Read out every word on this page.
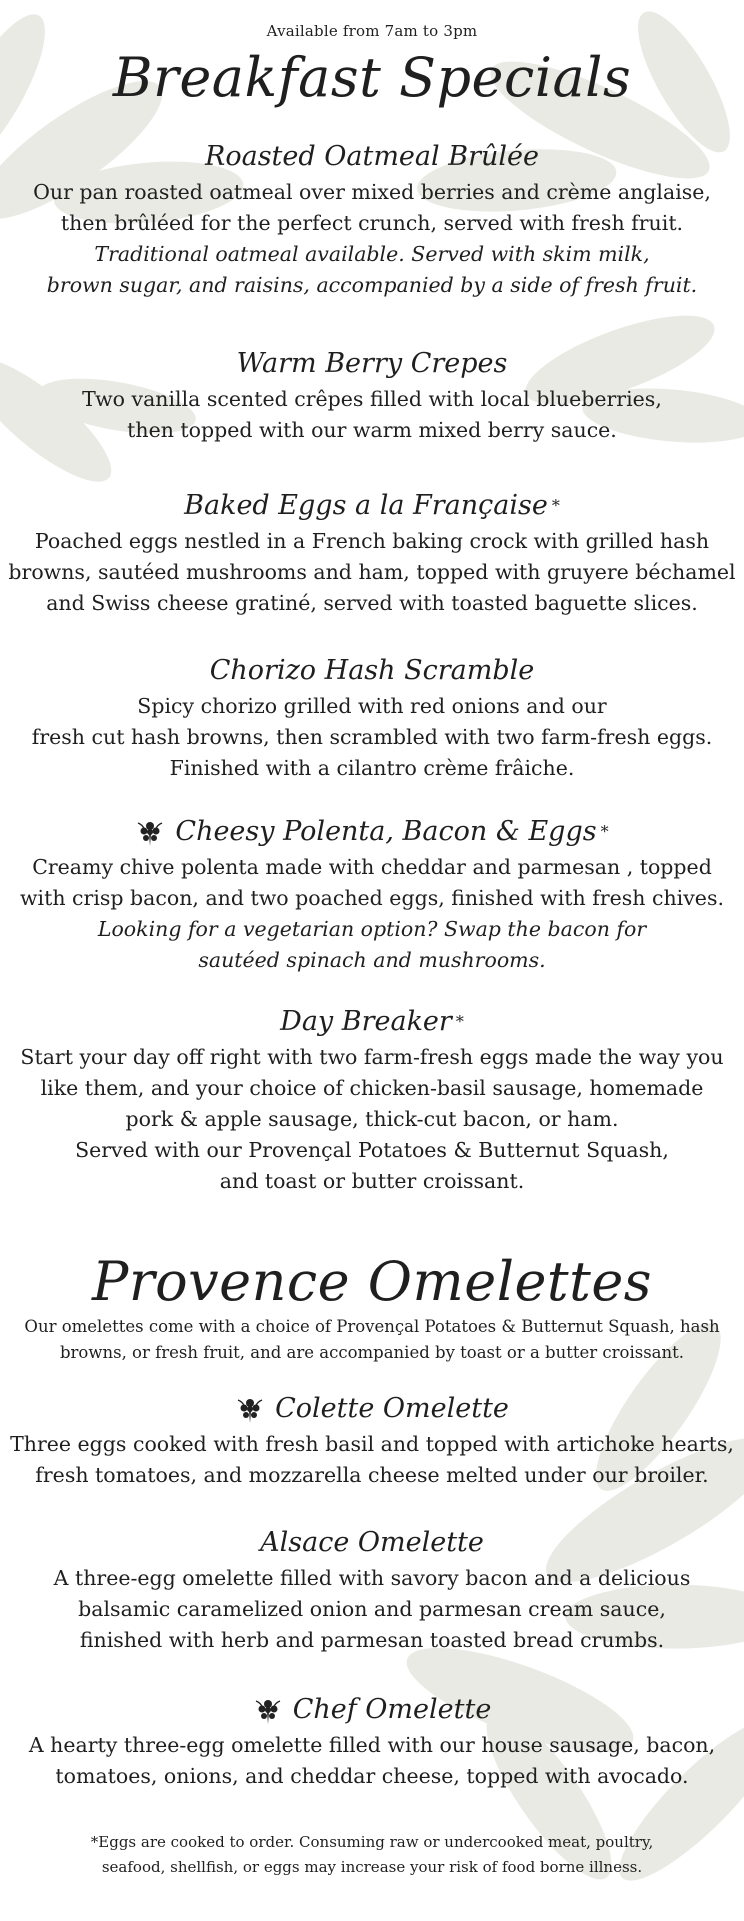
Available from 7am to 3pm
Breakfast Specials
Roasted Oatmeal Brûlée

Our pan roasted oatmeal over mixed berries and crème anglaise,
then brûléed for the perfect crunch, served with fresh fruit.
Traditional oatmeal available. Served with skim milk,
brown sugar, and raisins, accompanied by a side of fresh fruit.

Warm Berry Crepes

Two vanilla scented crêpes filled with local blueberries,
then topped with our warm mixed berry sauce.

Baked Eggs a la Française *

Poached eggs nestled in a French baking crock with grilled hash
browns, sautéed mushrooms and ham, topped with gruyere béchamel
and Swiss cheese gratiné, served with toasted baguette slices.

Chorizo Hash Scramble

Spicy chorizo grilled with red onions and our
fresh cut hash browns, then scrambled with two farm-fresh eggs.
Finished with a cilantro crème frâiche.

Cheesy Polenta, Bacon & Eggs *

Creamy chive polenta made with cheddar and parmesan , topped
with crisp bacon, and two poached eggs, finished with fresh chives.
Looking for a vegetarian option? Swap the bacon for
sautéed spinach and mushrooms.

Day Breaker *

Start your day off right with two farm-fresh eggs made the way you
like them, and your choice of chicken-basil sausage, homemade
pork & apple sausage, thick-cut bacon, or ham.
Served with our Provençal Potatoes & Butternut Squash,
and toast or butter croissant.

Provence Omelettes
Our omelettes come with a choice of Provençal Potatoes & Butternut Squash, hash
browns, or fresh fruit, and are accompanied by toast or a butter croissant.
Colette Omelette

Three eggs cooked with fresh basil and topped with artichoke hearts,
fresh tomatoes, and mozzarella cheese melted under our broiler.

Alsace Omelette

A three-egg omelette filled with savory bacon and a delicious
balsamic caramelized onion and parmesan cream sauce,
finished with herb and parmesan toasted bread crumbs.

Chef Omelette

A hearty three-egg omelette filled with our house sausage, bacon,
tomatoes, onions, and cheddar cheese, topped with avocado.

*Eggs are cooked to order. Consuming raw or undercooked meat, poultry,
seafood, shellfish, or eggs may increase your risk of food borne illness.
